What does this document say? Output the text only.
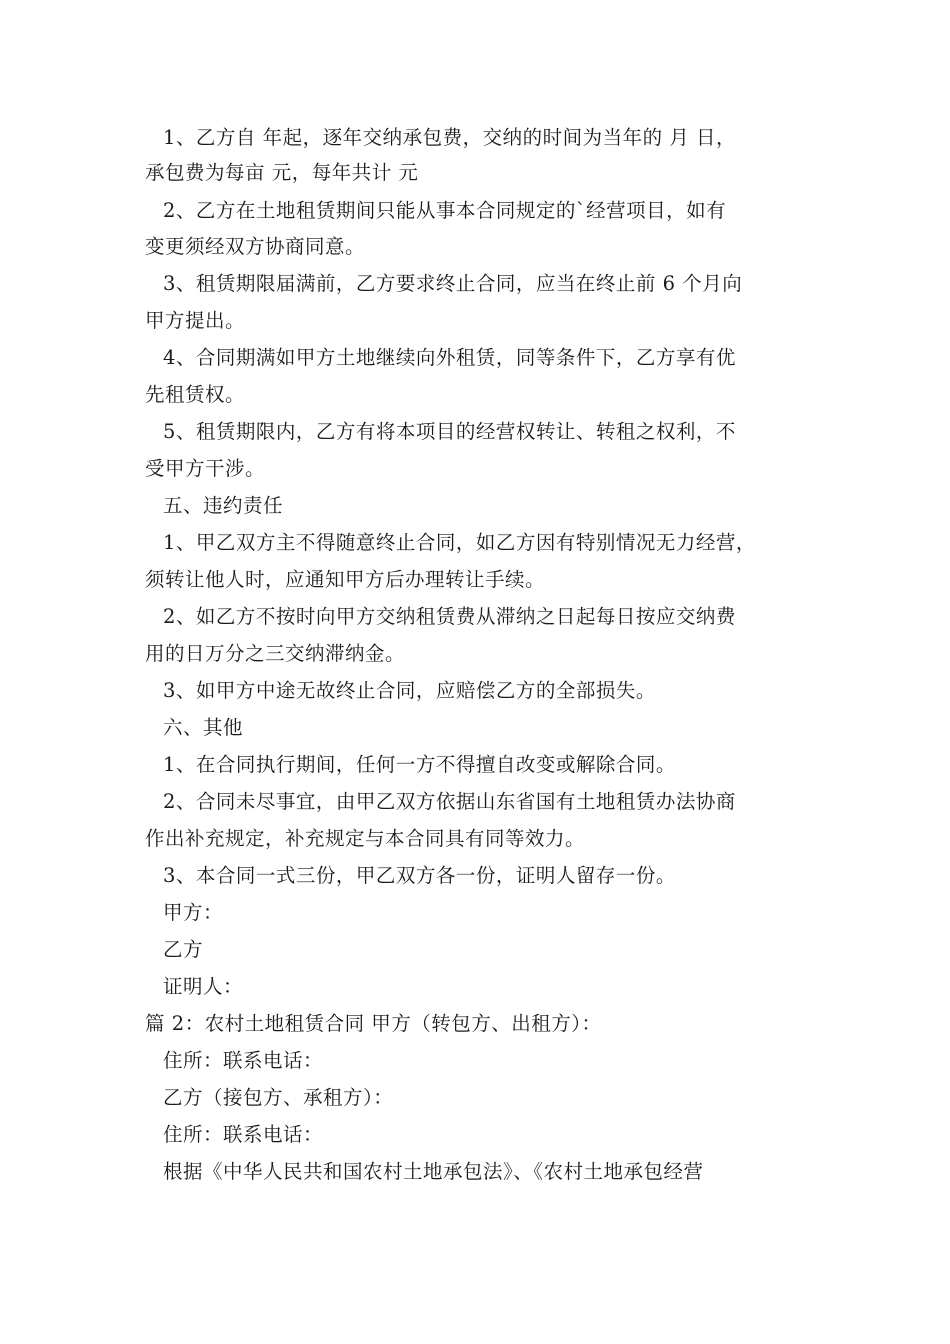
1、乙方自 年起，逐年交纳承包费，交纳的时间为当年的 月 日，
承包费为每亩 元，每年共计 元
2、乙方在土地租赁期间只能从事本合同规定的`经营项目，如有
变更须经双方协商同意。
3、租赁期限届满前，乙方要求终止合同，应当在终止前 6 个月向
甲方提出。
4、合同期满如甲方土地继续向外租赁，同等条件下，乙方享有优
先租赁权。
5、租赁期限内，乙方有将本项目的经营权转让、转租之权利，不
受甲方干涉。
五、违约责任
1、甲乙双方主不得随意终止合同，如乙方因有特别情况无力经营，
须转让他人时，应通知甲方后办理转让手续。
2、如乙方不按时向甲方交纳租赁费从滞纳之日起每日按应交纳费
用的日万分之三交纳滞纳金。
3、如甲方中途无故终止合同，应赔偿乙方的全部损失。
六、其他
1、在合同执行期间，任何一方不得擅自改变或解除合同。
2、合同未尽事宜，由甲乙双方依据山东省国有土地租赁办法协商
作出补充规定，补充规定与本合同具有同等效力。
3、本合同一式三份，甲乙双方各一份，证明人留存一份。
甲方：
乙方
证明人：
篇 2：农村土地租赁合同 甲方（转包方、出租方）：
住所：联系电话：
乙方（接包方、承租方）：
住所：联系电话：
根据《中华人民共和国农村土地承包法》、《农村土地承包经营
